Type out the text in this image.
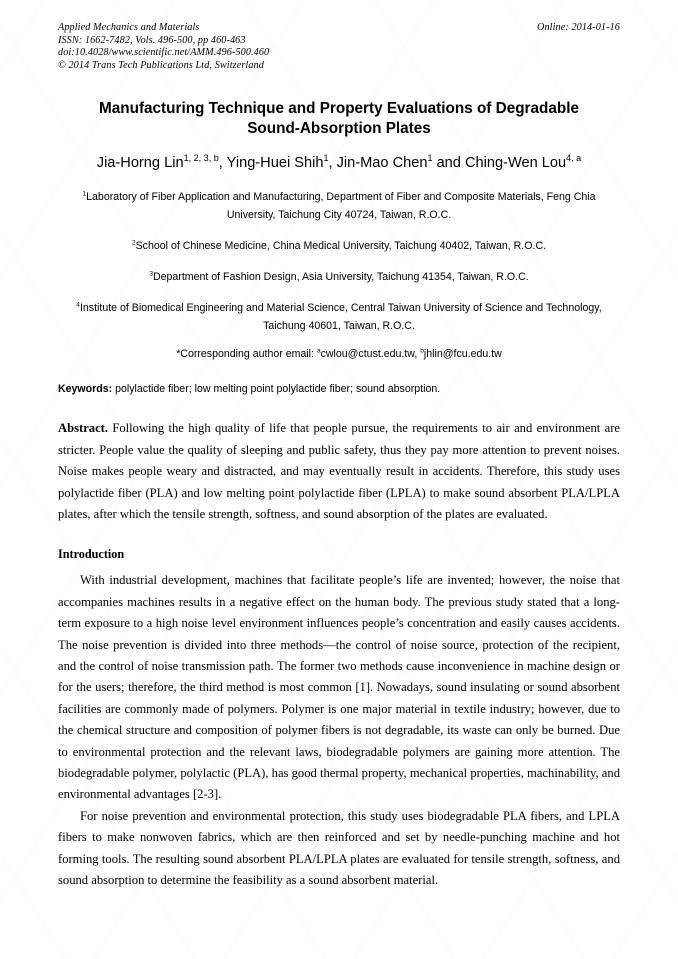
Applied Mechanics and Materials
ISSN: 1662-7482, Vols. 496-500, pp 460-463
doi:10.4028/www.scientific.net/AMM.496-500.460
© 2014 Trans Tech Publications Ltd, Switzerland
Online: 2014-01-16
Manufacturing Technique and Property Evaluations of Degradable
Sound-Absorption Plates
Jia-Horng Lin$^{1, 2, 3, b}$, Ying-Huei Shih$^1$, Jin-Mao Chen$^1$ and Ching-Wen Lou$^{4, a}$
$^1$Laboratory of Fiber Application and Manufacturing, Department of Fiber and Composite Materials, Feng Chia University, Taichung City 40724, Taiwan, R.O.C.
$^2$School of Chinese Medicine, China Medical University, Taichung 40402, Taiwan, R.O.C.
$^3$Department of Fashion Design, Asia University, Taichung 41354, Taiwan, R.O.C.
$^4$Institute of Biomedical Engineering and Material Science, Central Taiwan University of Science and Technology, Taichung 40601, Taiwan, R.O.C.
*Corresponding author email: $^a$cwlou@ctust.edu.tw, $^b$jhlin@fcu.edu.tw
Keywords: polylactide fiber; low melting point polylactide fiber; sound absorption.
Abstract. Following the high quality of life that people pursue, the requirements to air and environment are stricter. People value the quality of sleeping and public safety, thus they pay more attention to prevent noises. Noise makes people weary and distracted, and may eventually result in accidents. Therefore, this study uses polylactide fiber (PLA) and low melting point polylactide fiber (LPLA) to make sound absorbent PLA/LPLA plates, after which the tensile strength, softness, and sound absorption of the plates are evaluated.
Introduction
With industrial development, machines that facilitate people’s life are invented; however, the noise that accompanies machines results in a negative effect on the human body. The previous study stated that a long-term exposure to a high noise level environment influences people’s concentration and easily causes accidents. The noise prevention is divided into three methods—the control of noise source, protection of the recipient, and the control of noise transmission path. The former two methods cause inconvenience in machine design or for the users; therefore, the third method is most common [1]. Nowadays, sound insulating or sound absorbent facilities are commonly made of polymers. Polymer is one major material in textile industry; however, due to the chemical structure and composition of polymer fibers is not degradable, its waste can only be burned. Due to environmental protection and the relevant laws, biodegradable polymers are gaining more attention. The biodegradable polymer, polylactic (PLA), has good thermal property, mechanical properties, machinability, and environmental advantages [2-3].
For noise prevention and environmental protection, this study uses biodegradable PLA fibers, and LPLA fibers to make nonwoven fabrics, which are then reinforced and set by needle-punching machine and hot forming tools. The resulting sound absorbent PLA/LPLA plates are evaluated for tensile strength, softness, and sound absorption to determine the feasibility as a sound absorbent material.
